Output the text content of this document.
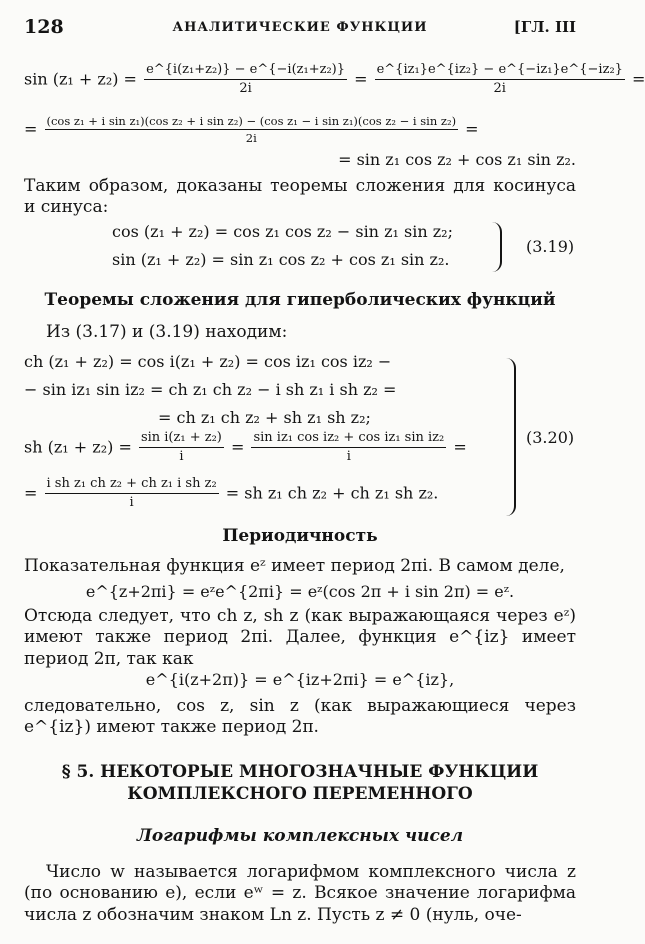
128	АНАЛИТИЧЕСКИЕ ФУНКЦИИ	[ГЛ. III
$\sin (z_1 + z_2) = \frac{\text{e\textasciicircum{}\{i(z₁+z₂)\} − e\textasciicircum{}\{−i(z₁+z₂)\}}}{2i} = \frac{\text{e\textasciicircum{}\{iz₁\}e\textasciicircum{}\{iz₂\} − e\textasciicircum{}\{−iz₁\}e\textasciicircum{}\{−iz₂\}}}{2i}$ =
= (cos z₁ + i sin z₁)(cos z₂ + i sin z₂) − (cos z₁ − i sin z₁)(cos z₂ − i sin z₂)
2i	=
= sin z₁ cos z₂ + cos z₁ sin z₂.
Таким образом, доказаны теоремы сложения для косинуса и синуса:
cos (z₁ + z₂) = cos z₁ cos z₂ − sin z₁ sin z₂;
sin (z₁ + z₂) = sin z₁ cos z₂ + cos z₁ sin z₂.
(3.19)
Теоремы сложения для гиперболических функций
Из (3.17) и (3.19) находим:
ch (z₁ + z₂) = cos i(z₁ + z₂) = cos iz₁ cos iz₂ −
− sin iz₁ sin iz₂ = ch z₁ ch z₂ − i sh z₁ i sh z₂ =
= ch z₁ ch z₂ + sh z₁ sh z₂;
sh $(z_1 + z_2) = \frac{\text{sin i(z₁ + z₂)}}{i} = \frac{\text{sin iz₁ cos iz₂ + cos iz₁ sin iz₂}}{i}$ =
= $\frac{\text{i sh z₁ ch z₂ + ch z₁ i sh z₂}}{i}$ = sh z₁ ch z₂ + ch z₁ sh z₂.
(3.20)
Периодичность
Показательная функция eᶻ имеет период 2πi. В самом деле,
e^{z+2πi} = eᶻe^{2πi} = eᶻ(cos 2π + i sin 2π) = eᶻ.
Отсюда следует, что ch z, sh z (как выражающаяся через eᶻ) имеют также период 2πi. Далее, функция e^{iz} имеет период 2π, так как
e^{i(z+2π)} = e^{iz+2πi} = e^{iz},
следовательно, cos z, sin z (как выражающиеся через e^{iz}) имеют также период 2π.
§ 5. НЕКОТОРЫЕ МНОГОЗНАЧНЫЕ ФУНКЦИИ
КОМПЛЕКСНОГО ПЕРЕМЕННОГО
Логарифмы комплексных чисел
Число w называется логарифмом комплексного числа z (по основанию e), если eʷ = z. Всякое значение логарифма числа z обозначим знаком Ln z. Пусть z ≠ 0 (нуль, оче-
